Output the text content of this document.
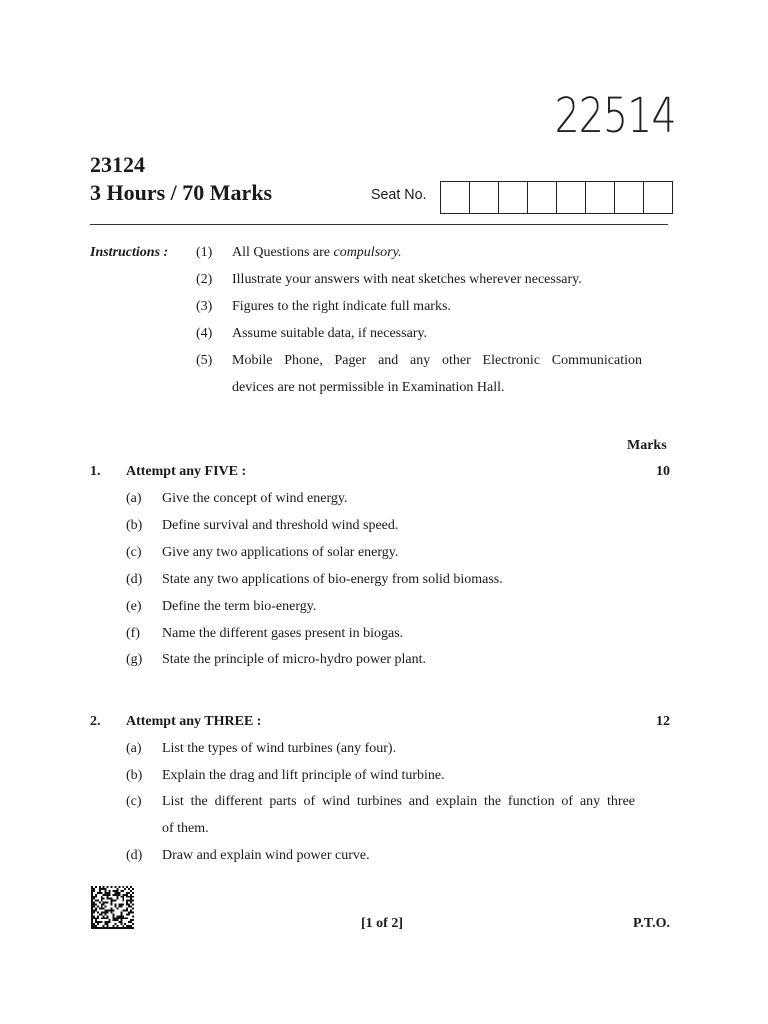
22514
23124
3 Hours / 70 Marks	Seat No.
Instructions : (1) All Questions are compulsory.
(2) Illustrate your answers with neat sketches wherever necessary.
(3) Figures to the right indicate full marks.
(4) Assume suitable data, if necessary.
(5) Mobile Phone, Pager and any other Electronic Communication
devices are not permissible in Examination Hall.
Marks
1. Attempt any FIVE :	10
(a) Give the concept of wind energy.
(b) Define survival and threshold wind speed.
(c) Give any two applications of solar energy.
(d) State any two applications of bio-energy from solid biomass.
(e) Define the term bio-energy.
(f) Name the different gases present in biogas.
(g) State the principle of micro-hydro power plant.
2. Attempt any THREE :	12
(a) List the types of wind turbines (any four).
(b) Explain the drag and lift principle of wind turbine.
(c) List the different parts of wind turbines and explain the function of any three
of them.
(d) Draw and explain wind power curve.
[1 of 2]	P.T.O.
